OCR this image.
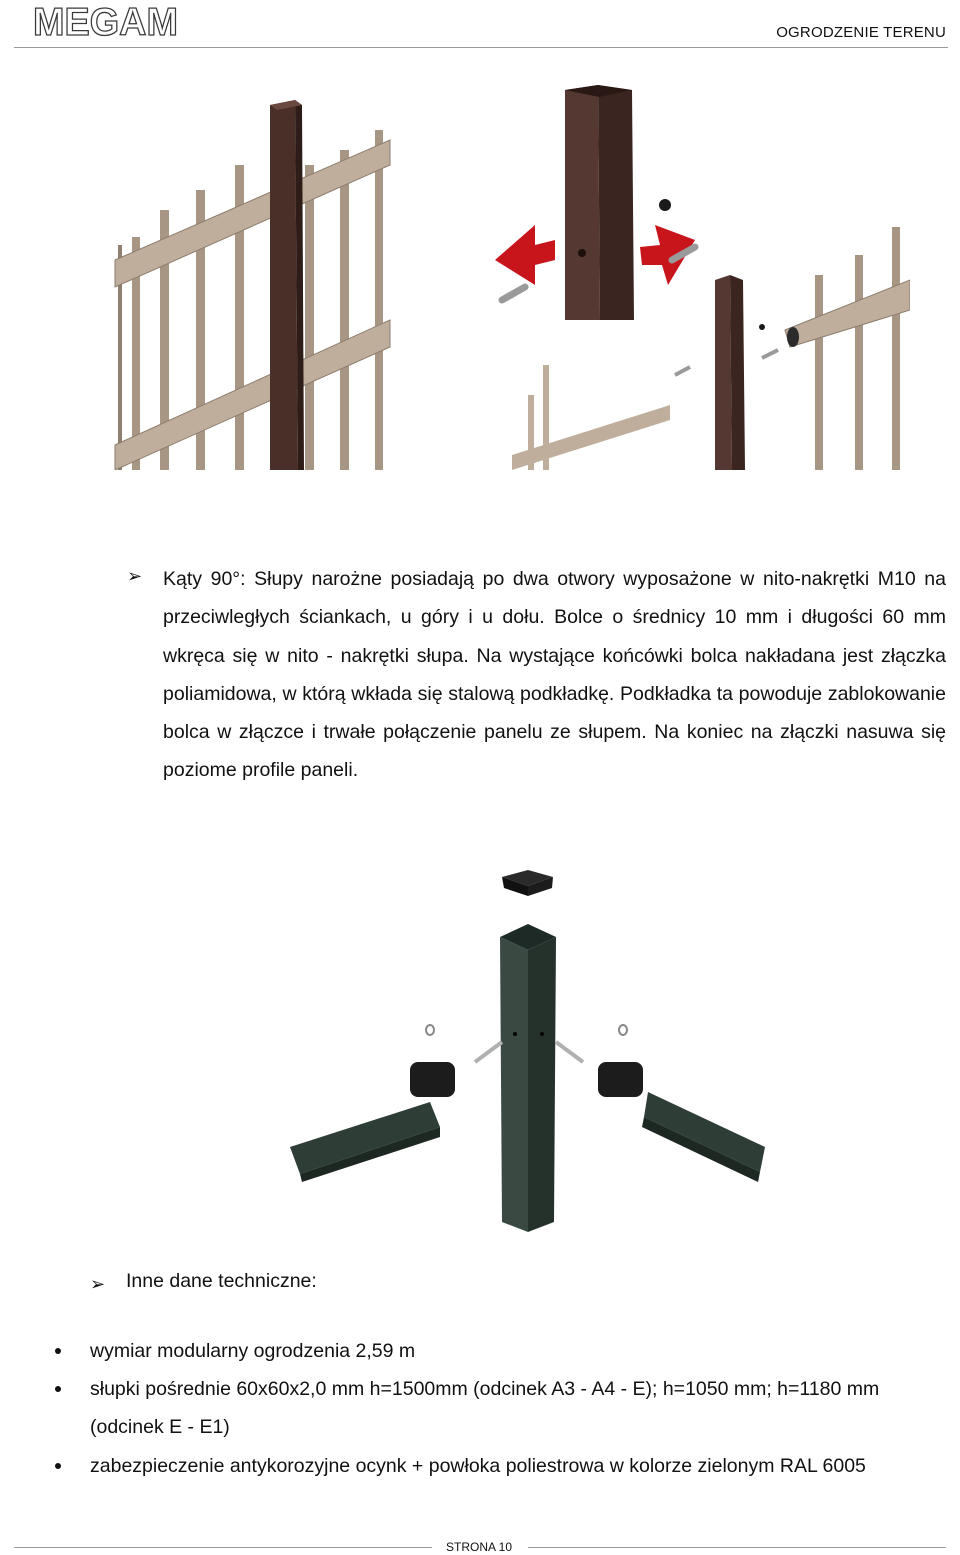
MEGAM	OGRODZENIE TERENU
➢ Kąty 90°: Słupy narożne posiadają po dwa otwory wyposażone w nito-nakrętki M10 na przeciwległych ściankach, u góry i u dołu. Bolce o średnicy 10 mm i długości 60 mm wkręca się w nito - nakrętki słupa. Na wystające końcówki bolca nakładana jest złączka poliamidowa, w którą wkłada się stalową podkładkę. Podkładka ta powoduje zablokowanie bolca w złączce i trwałe połączenie panelu ze słupem. Na koniec na złączki nasuwa się poziome profile paneli.
➢ Inne dane techniczne:
wymiar modularny ogrodzenia 2,59 m
słupki pośrednie 60x60x2,0 mm h=1500mm (odcinek A3 - A4 - E); h=1050 mm; h=1180 mm (odcinek E - E1)
zabezpieczenie antykorozyjne ocynk + powłoka poliestrowa w kolorze zielonym RAL 6005
STRONA 10
